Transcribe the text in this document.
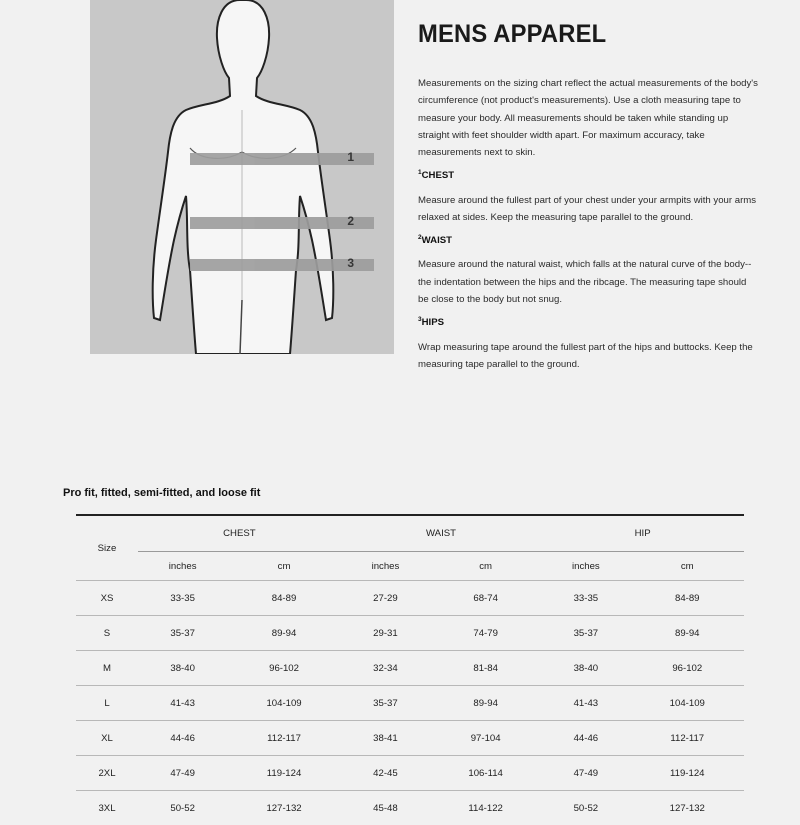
1
2
3
MENS APPAREL

Measurements on the sizing chart reflect the actual measurements of the body's circumference (not product's measurements). Use a cloth measuring tape to measure your body. All measurements should be taken while standing up straight with feet shoulder width apart. For maximum accuracy, take measurements next to skin.

$^1$CHEST

Measure around the fullest part of your chest under your armpits with your arms relaxed at sides. Keep the measuring tape parallel to the ground.

$^2$WAIST

Measure around the natural waist, which falls at the natural curve of the body--the indentation between the hips and the ribcage. The measuring tape should be close to the body but not snug.

$^3$HIPS

Wrap measuring tape around the fullest part of the hips and buttocks. Keep the measuring tape parallel to the ground.

Pro fit, fitted, semi-fitted, and loose fit
Size	CHEST		WAIST		HIP	
	inches	cm	inches	cm	inches	cm
XS	33-35	84-89	27-29	68-74	33-35	84-89
S	35-37	89-94	29-31	74-79	35-37	89-94
M	38-40	96-102	32-34	81-84	38-40	96-102
L	41-43	104-109	35-37	89-94	41-43	104-109
XL	44-46	112-117	38-41	97-104	44-46	112-117
2XL	47-49	119-124	42-45	106-114	47-49	119-124
3XL	50-52	127-132	45-48	114-122	50-52	127-132
